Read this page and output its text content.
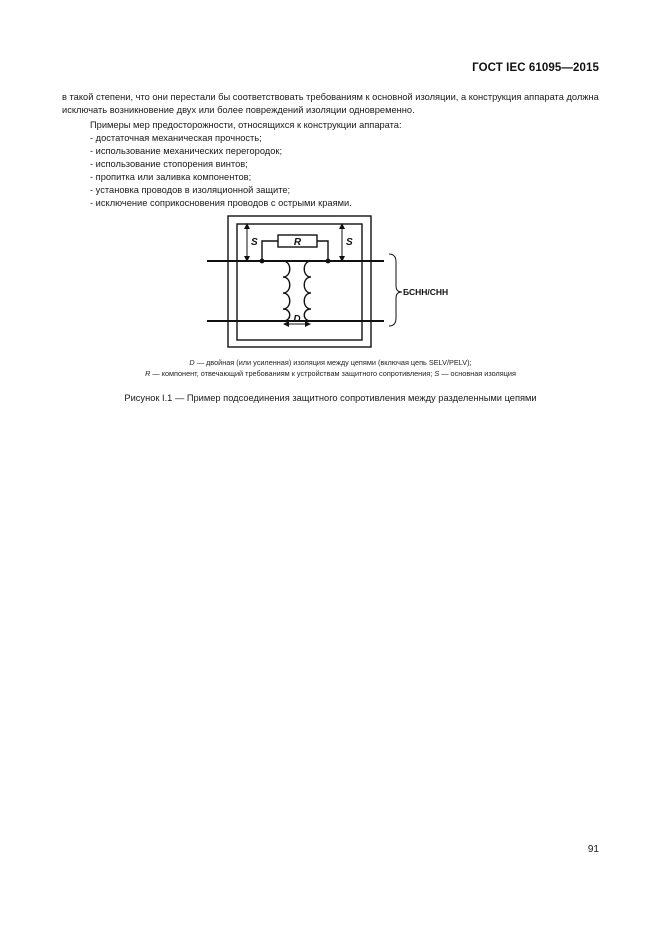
ГОСТ IEC 61095—2015

в такой степени, что они перестали бы соответствовать требованиям к основной изоляции, а конструкция аппарата должна исключать возникновение двух или более повреждений изоляции одновременно.

Примеры мер предосторожности, относящихся к конструкции аппарата:

- достаточная механическая прочность;
- использование механических перегородок;
- использование стопорения винтов;
- пропитка или заливка компонентов;
- установка проводов в изоляционной защите;
- исключение соприкосновения проводов с острыми краями.
R
S	S
D
БСНН/СНН

D — двойная (или усиленная) изоляция между цепями (включая цепь SELV/PELV);

R — компонент, отвечающий требованиям к устройствам защитного сопротивления; S — основная изоляция

Рисунок I.1 — Пример подсоединения защитного сопротивления между разделенными цепями
91
